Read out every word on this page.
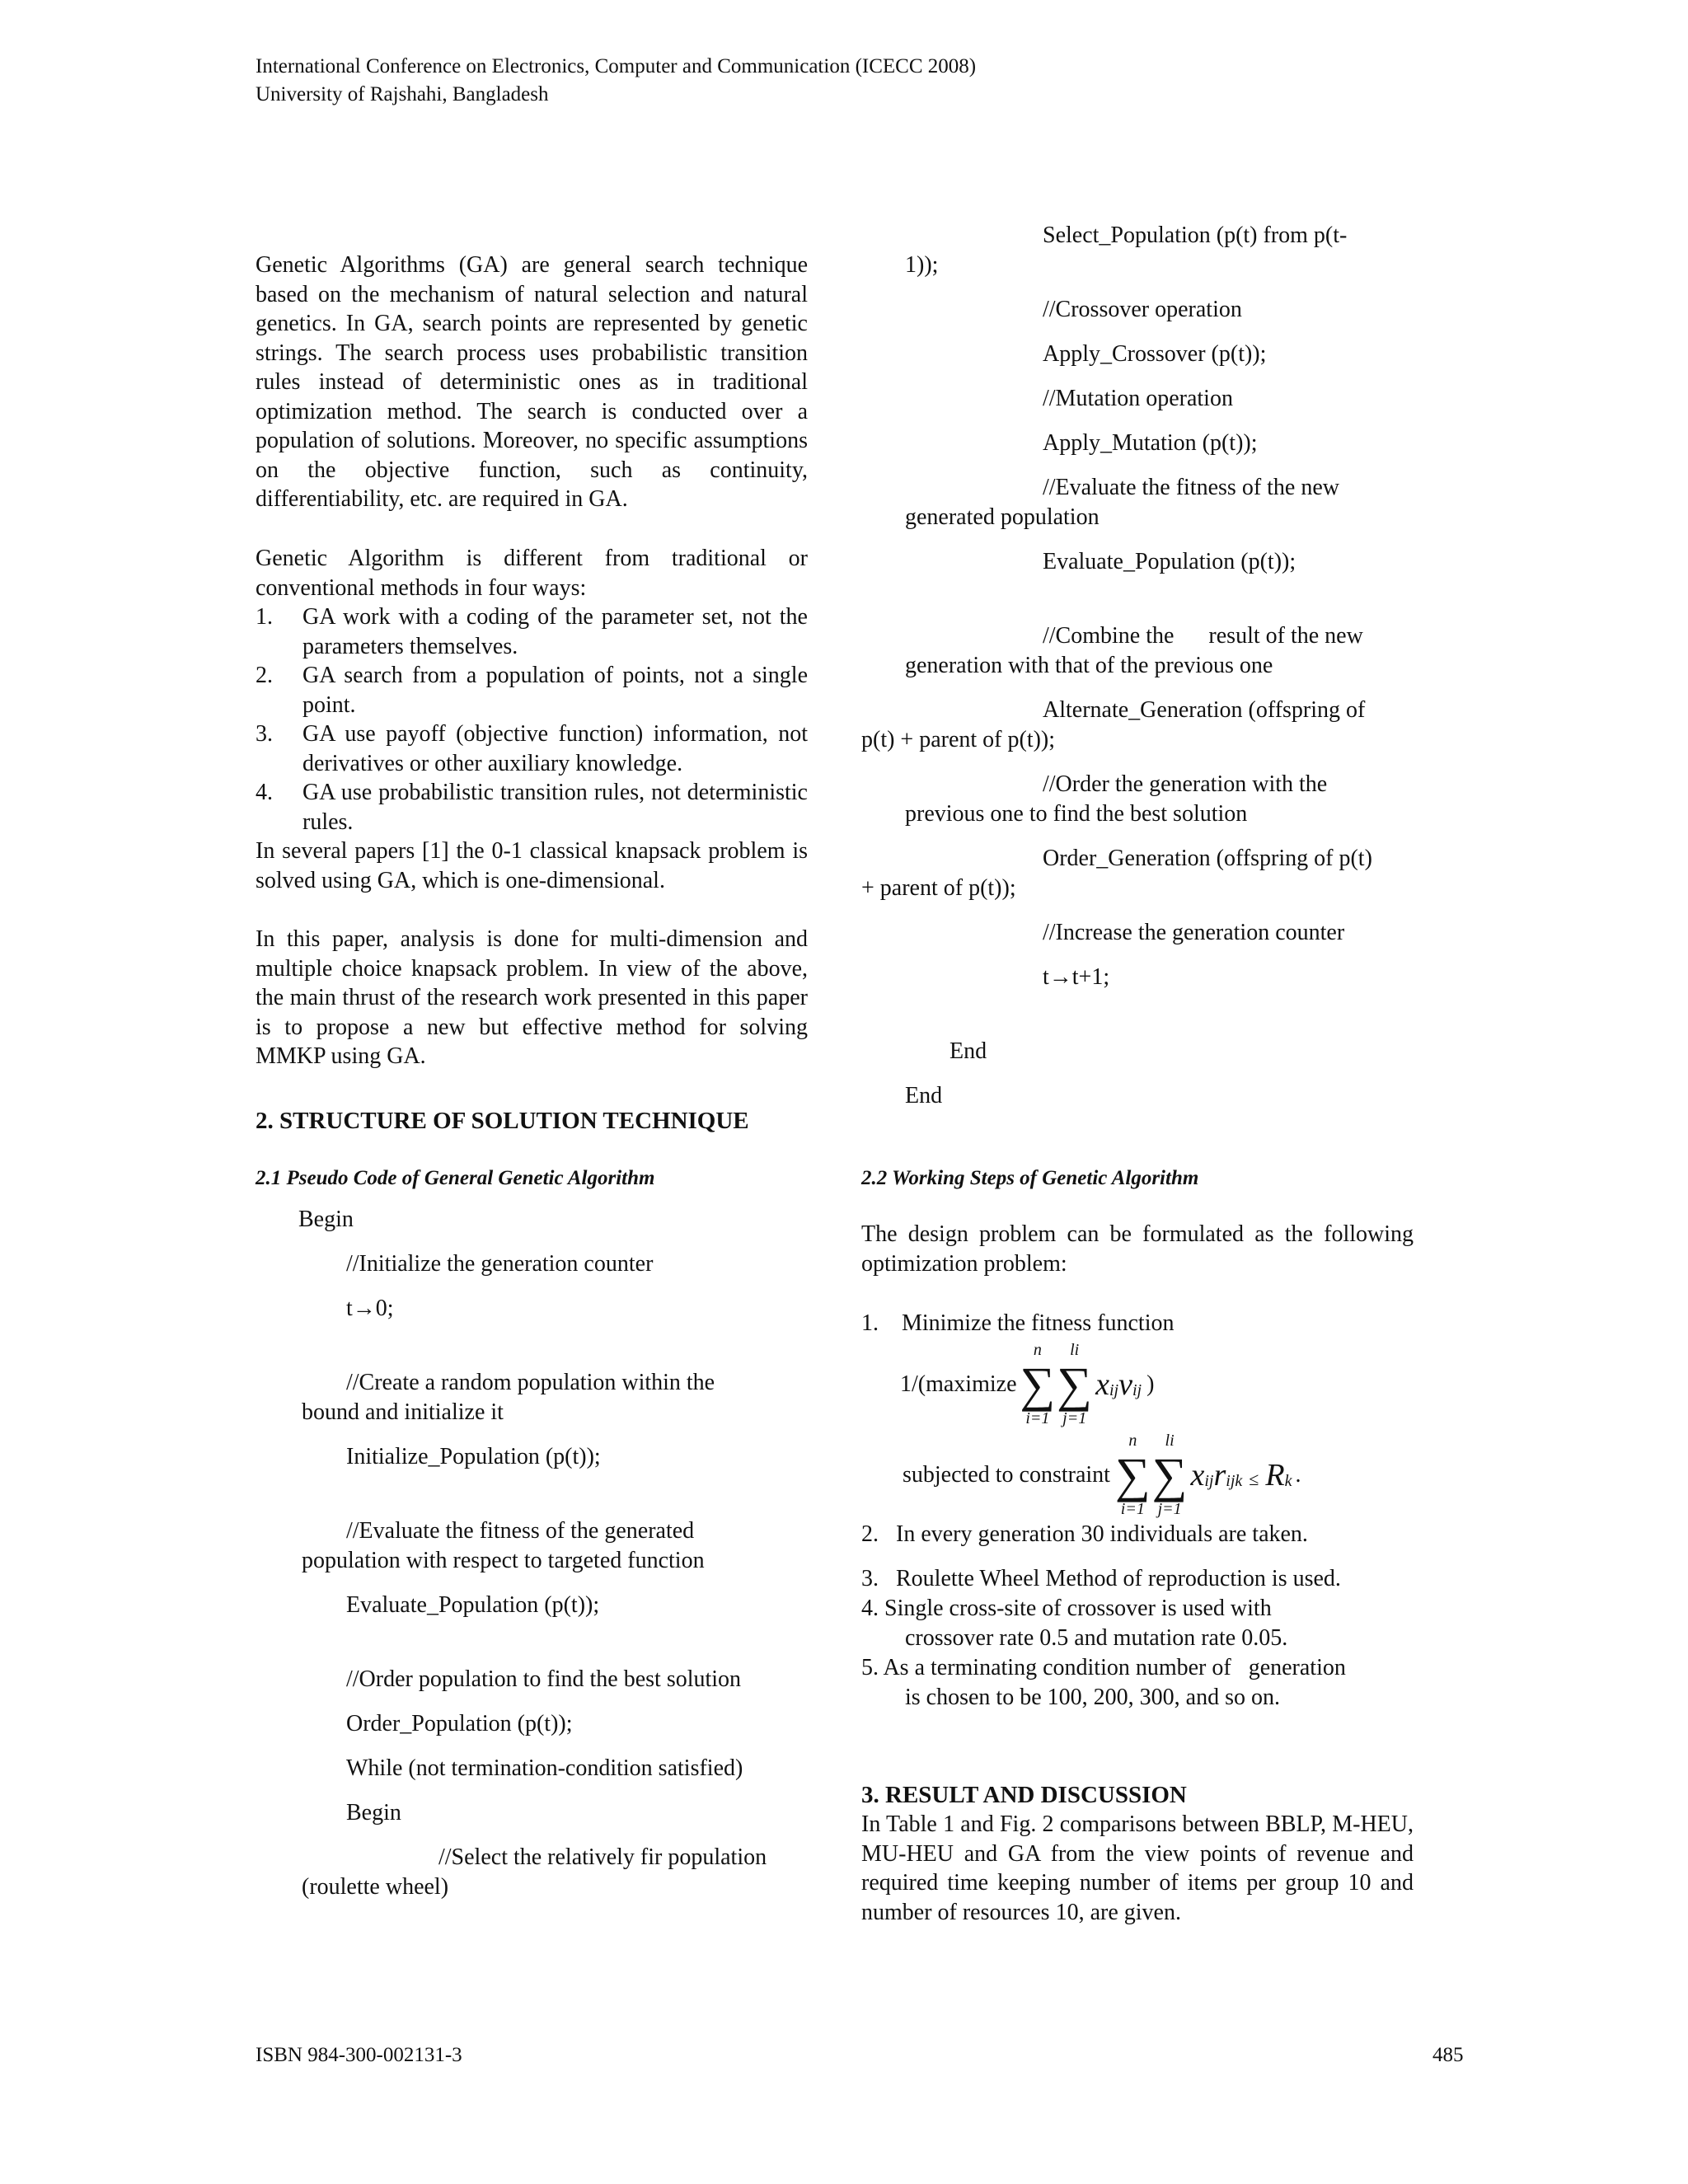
International Conference on Electronics, Computer and Communication (ICECC 2008)
University of Rajshahi, Bangladesh
Genetic Algorithms (GA) are general search technique based on the mechanism of natural selection and natural genetics. In GA, search points are represented by genetic strings. The search process uses probabilistic transition rules instead of deterministic ones as in traditional optimization method. The search is conducted over a population of solutions. Moreover, no specific assumptions on the objective function, such as continuity, differentiability, etc. are required in GA.
Genetic Algorithm is different from traditional or conventional methods in four ways:
1. GA work with a coding of the parameter set, not the parameters themselves.
2. GA search from a population of points, not a single point.
3. GA use payoff (objective function) information, not derivatives or other auxiliary knowledge.
4. GA use probabilistic transition rules, not deterministic rules.
In several papers [1] the 0-1 classical knapsack problem is solved using GA, which is one-dimensional.
In this paper, analysis is done for multi-dimension and multiple choice knapsack problem. In view of the above, the main thrust of the research work presented in this paper is to propose a new but effective method for solving MMKP using GA.
2. STRUCTURE OF SOLUTION TECHNIQUE
2.1 Pseudo Code of General Genetic Algorithm
Begin
//Initialize the generation counter
t→0;
//Create a random population within the
bound and initialize it
Initialize_Population (p(t));
//Evaluate the fitness of the generated
population with respect to targeted function
Evaluate_Population (p(t));
//Order population to find the best solution
Order_Population (p(t));
While (not termination-condition satisfied)
Begin
//Select the relatively fir population
(roulette wheel)
Select_Population (p(t) from p(t-
1));
//Crossover operation
Apply_Crossover (p(t));
//Mutation operation
Apply_Mutation (p(t));
//Evaluate the fitness of the new
generated population
Evaluate_Population (p(t));
//Combine the      result of the new
generation with that of the previous one
Alternate_Generation (offspring of
p(t) + parent of p(t));
//Order the generation with the
previous one to find the best solution
Order_Generation (offspring of p(t)
+ parent of p(t));
//Increase the generation counter
t→t+1;
End
End
2.2 Working Steps of Genetic Algorithm
The design problem can be formulated as the following optimization problem:
1.    Minimize the fitness function
1/(maximize
n
∑
i=1
li
∑
j=1
x ij v ij )
subjected to constraint
n
∑
i=1
li
∑
j=1
x ij r ijk ≤ R k .
2.   In every generation 30 individuals are taken.
3.   Roulette Wheel Method of reproduction is used.
4. Single cross-site of crossover is used with
crossover rate 0.5 and mutation rate 0.05.
5. As a terminating condition number of   generation
is chosen to be 100, 200, 300, and so on.
3. RESULT AND DISCUSSION
In Table 1 and Fig. 2 comparisons between BBLP, M-HEU, MU-HEU and GA from the view points of revenue and required time keeping number of items per group 10 and number of resources 10, are given.
ISBN 984-300-002131-3	485
